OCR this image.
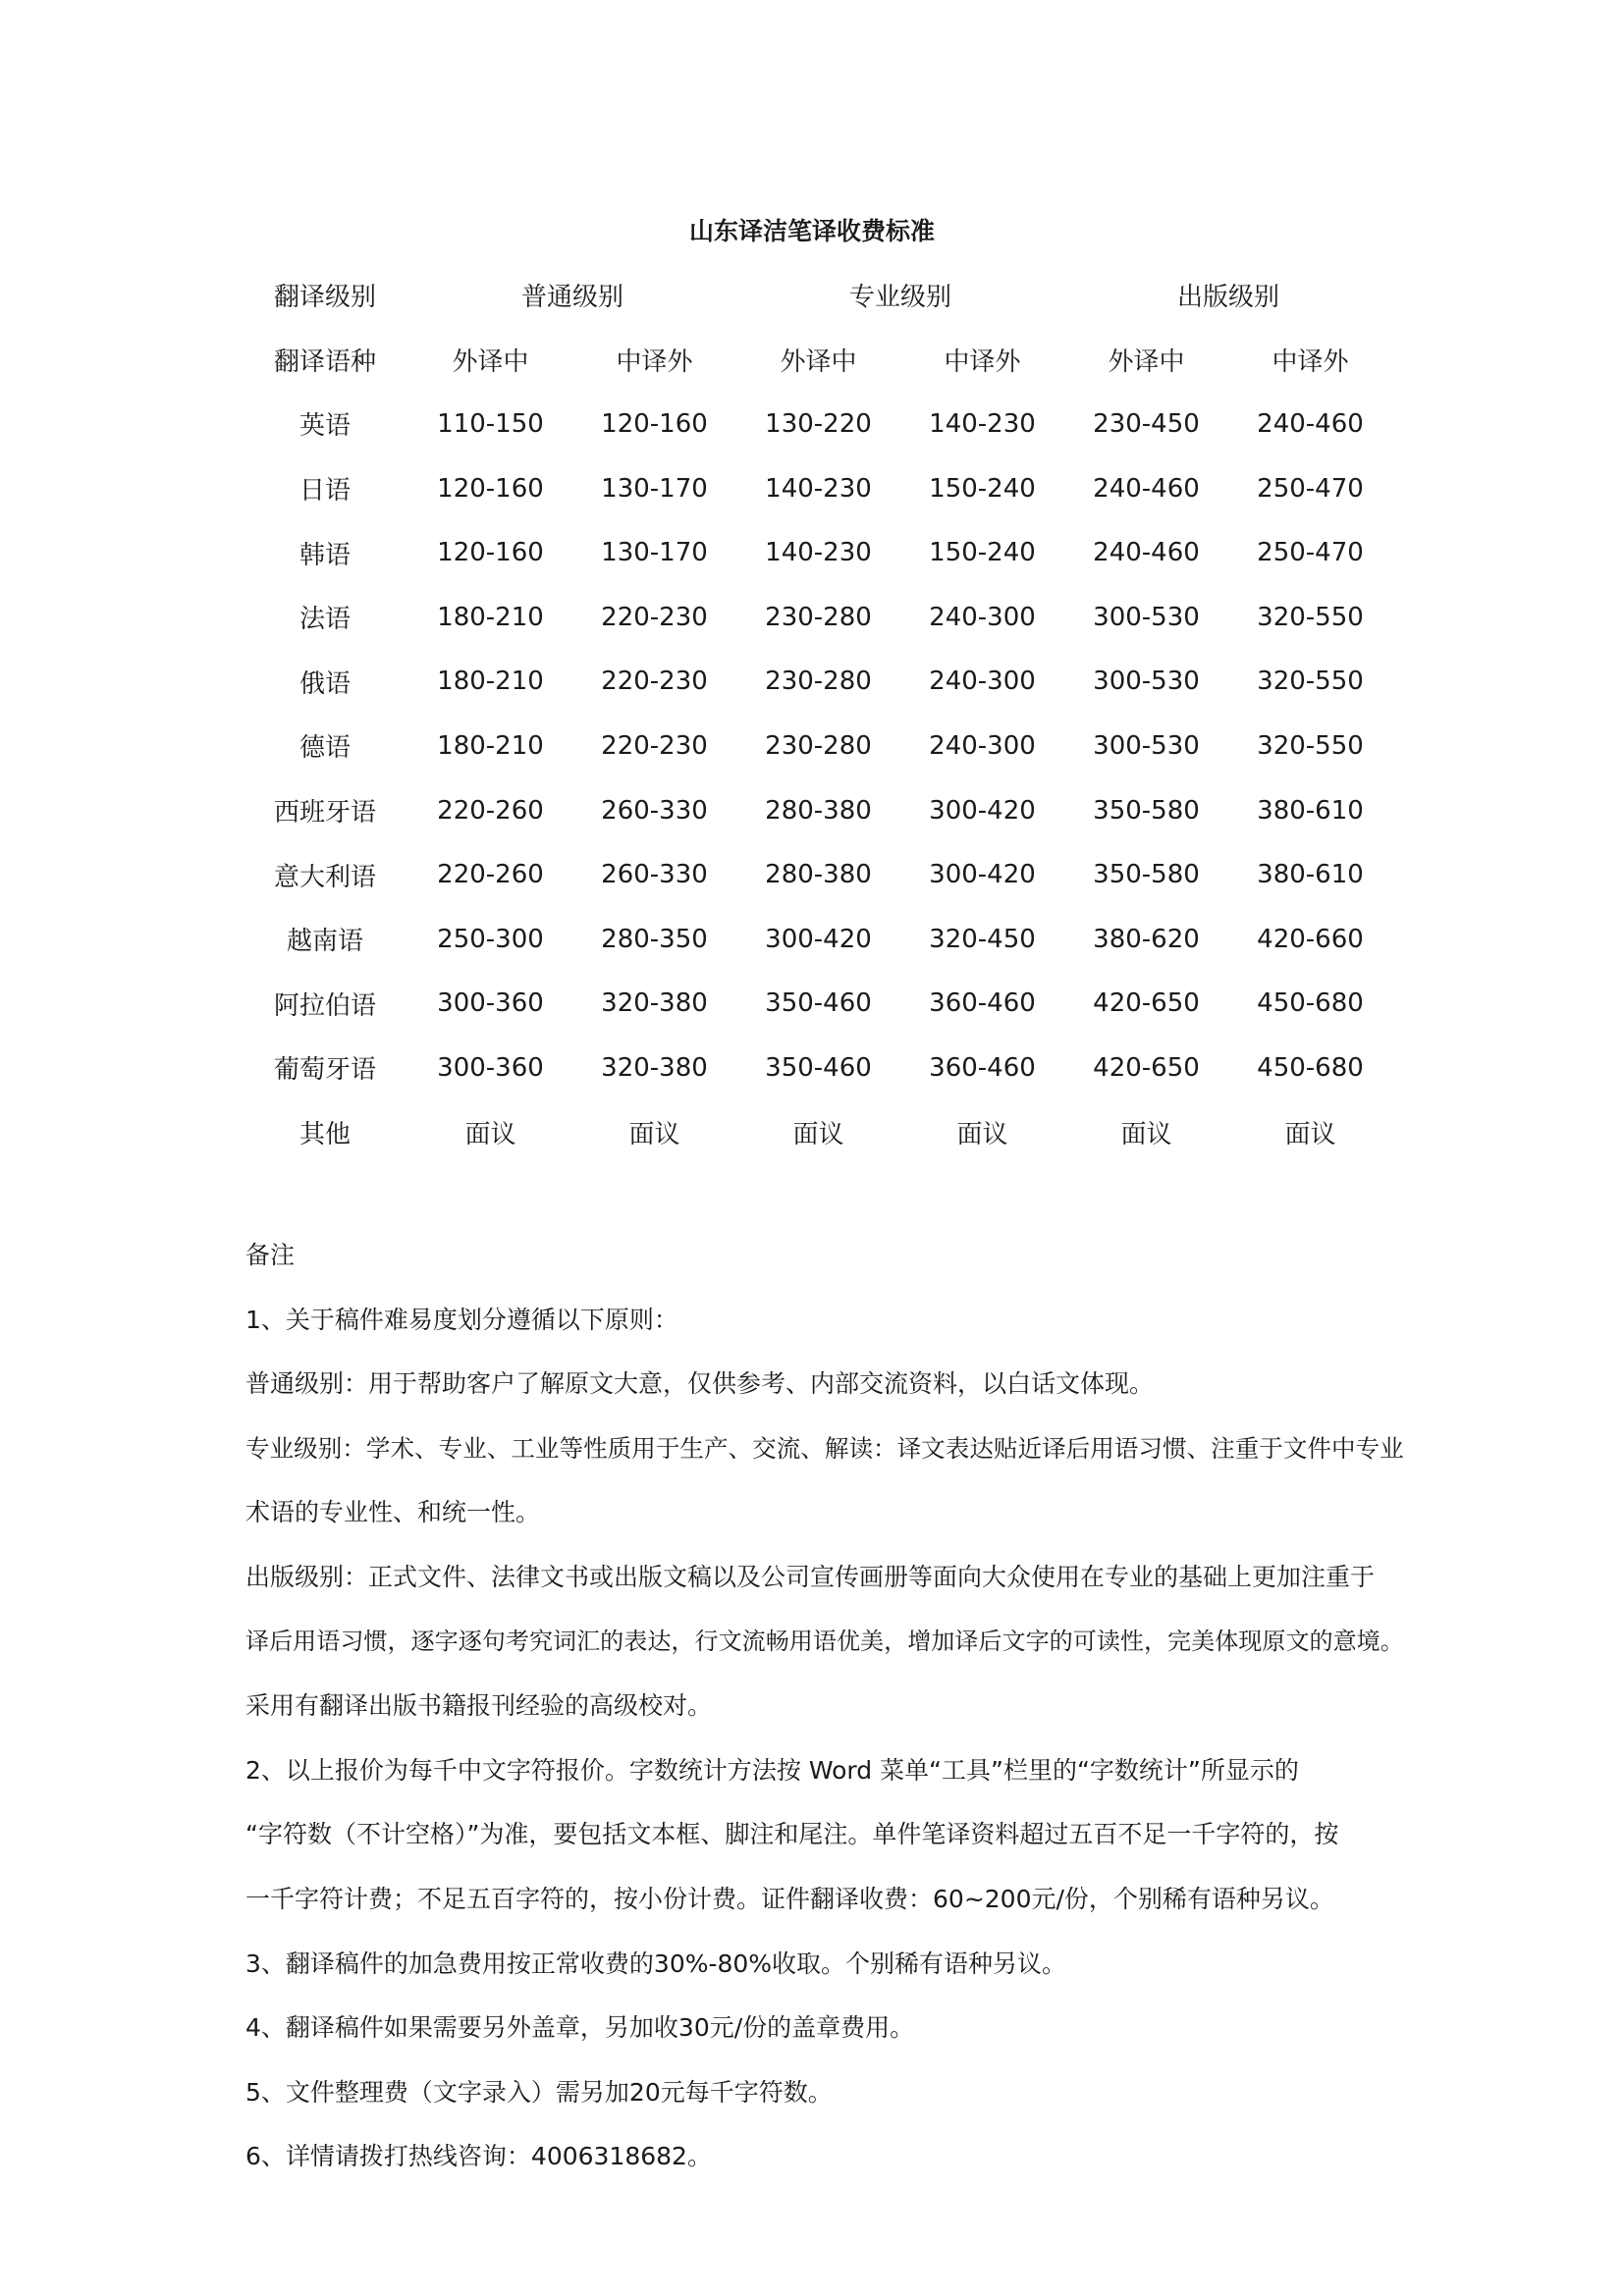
山东译洁笔译收费标准
翻译级别	普通级别		专业级别		出版级别	
翻译语种	外译中	中译外	外译中	中译外	外译中	中译外
英语	110-150	120-160	130-220	140-230	230-450	240-460
日语	120-160	130-170	140-230	150-240	240-460	250-470
韩语	120-160	130-170	140-230	150-240	240-460	250-470
法语	180-210	220-230	230-280	240-300	300-530	320-550
俄语	180-210	220-230	230-280	240-300	300-530	320-550
德语	180-210	220-230	230-280	240-300	300-530	320-550
西班牙语	220-260	260-330	280-380	300-420	350-580	380-610
意大利语	220-260	260-330	280-380	300-420	350-580	380-610
越南语	250-300	280-350	300-420	320-450	380-620	420-660
阿拉伯语	300-360	320-380	350-460	360-460	420-650	450-680
葡萄牙语	300-360	320-380	350-460	360-460	420-650	450-680
其他	面议	面议	面议	面议	面议	面议

备注

1、关于稿件难易度划分遵循以下原则：

普通级别：用于帮助客户了解原文大意，仅供参考、内部交流资料，以白话文体现。

专业级别：学术、专业、工业等性质用于生产、交流、解读：译文表达贴近译后用语习惯、注重于文件中专业

术语的专业性、和统一性。

出版级别：正式文件、法律文书或出版文稿以及公司宣传画册等面向大众使用在专业的基础上更加注重于

译后用语习惯，逐字逐句考究词汇的表达，行文流畅用语优美，增加译后文字的可读性，完美体现原文的意境。

采用有翻译出版书籍报刊经验的高级校对。

2、以上报价为每千中文字符报价。字数统计方法按 Word 菜单“工具”栏里的“字数统计”所显示的

“字符数（不计空格）”为准，要包括文本框、脚注和尾注。单件笔译资料超过五百不足一千字符的，按

一千字符计费；不足五百字符的，按小份计费。证件翻译收费：60~200元/份，个别稀有语种另议。

3、翻译稿件的加急费用按正常收费的30%-80%收取。个别稀有语种另议。

4、翻译稿件如果需要另外盖章，另加收30元/份的盖章费用。

5、文件整理费（文字录入）需另加20元每千字符数。

6、详情请拨打热线咨询：4006318682。
